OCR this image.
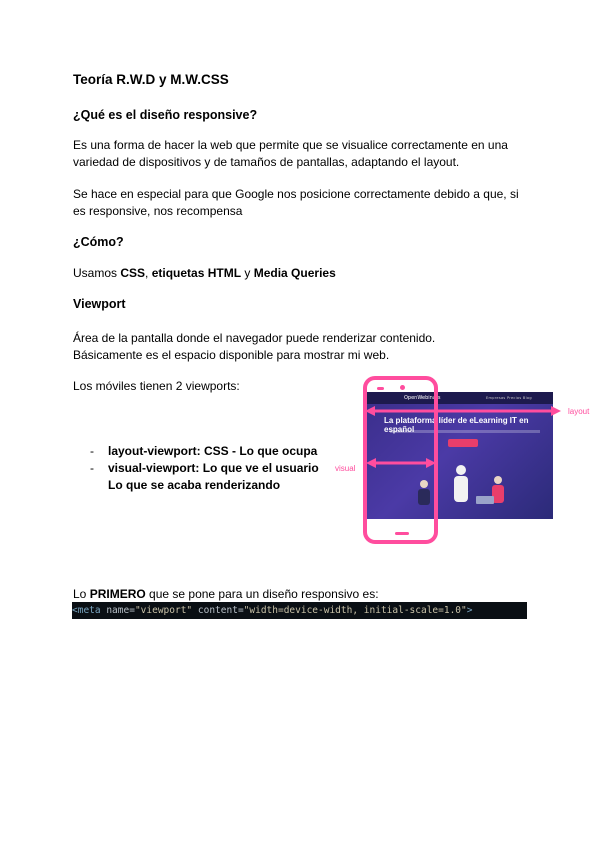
Teoría R.W.D y M.W.CSS
¿Qué es el diseño responsive?
Es una forma de hacer la web que permite que se visualice correctamente en una
variedad de dispositivos y de tamaños de pantallas, adaptando el layout.
Se hace en especial para que Google nos posicione correctamente debido a que, si
es responsive, nos recompensa
¿Cómo?
Usamos CSS, etiquetas HTML y Media Queries
Viewport
Área de la pantalla donde el navegador puede renderizar contenido.
Básicamente es el espacio disponible para mostrar mi web.
Los móviles tienen 2 viewports:
-	layout-viewport: CSS - Lo que ocupa
-	visual-viewport: Lo que ve el usuario
Lo que se acaba renderizando
OpenWebinars	Empresas Precios Blog
La plataforma líder de eLearning IT en español
layout
visual
Lo PRIMERO que se pone para un diseño responsivo es:
<meta name="viewport" content="width=device-width, initial-scale=1.0">
